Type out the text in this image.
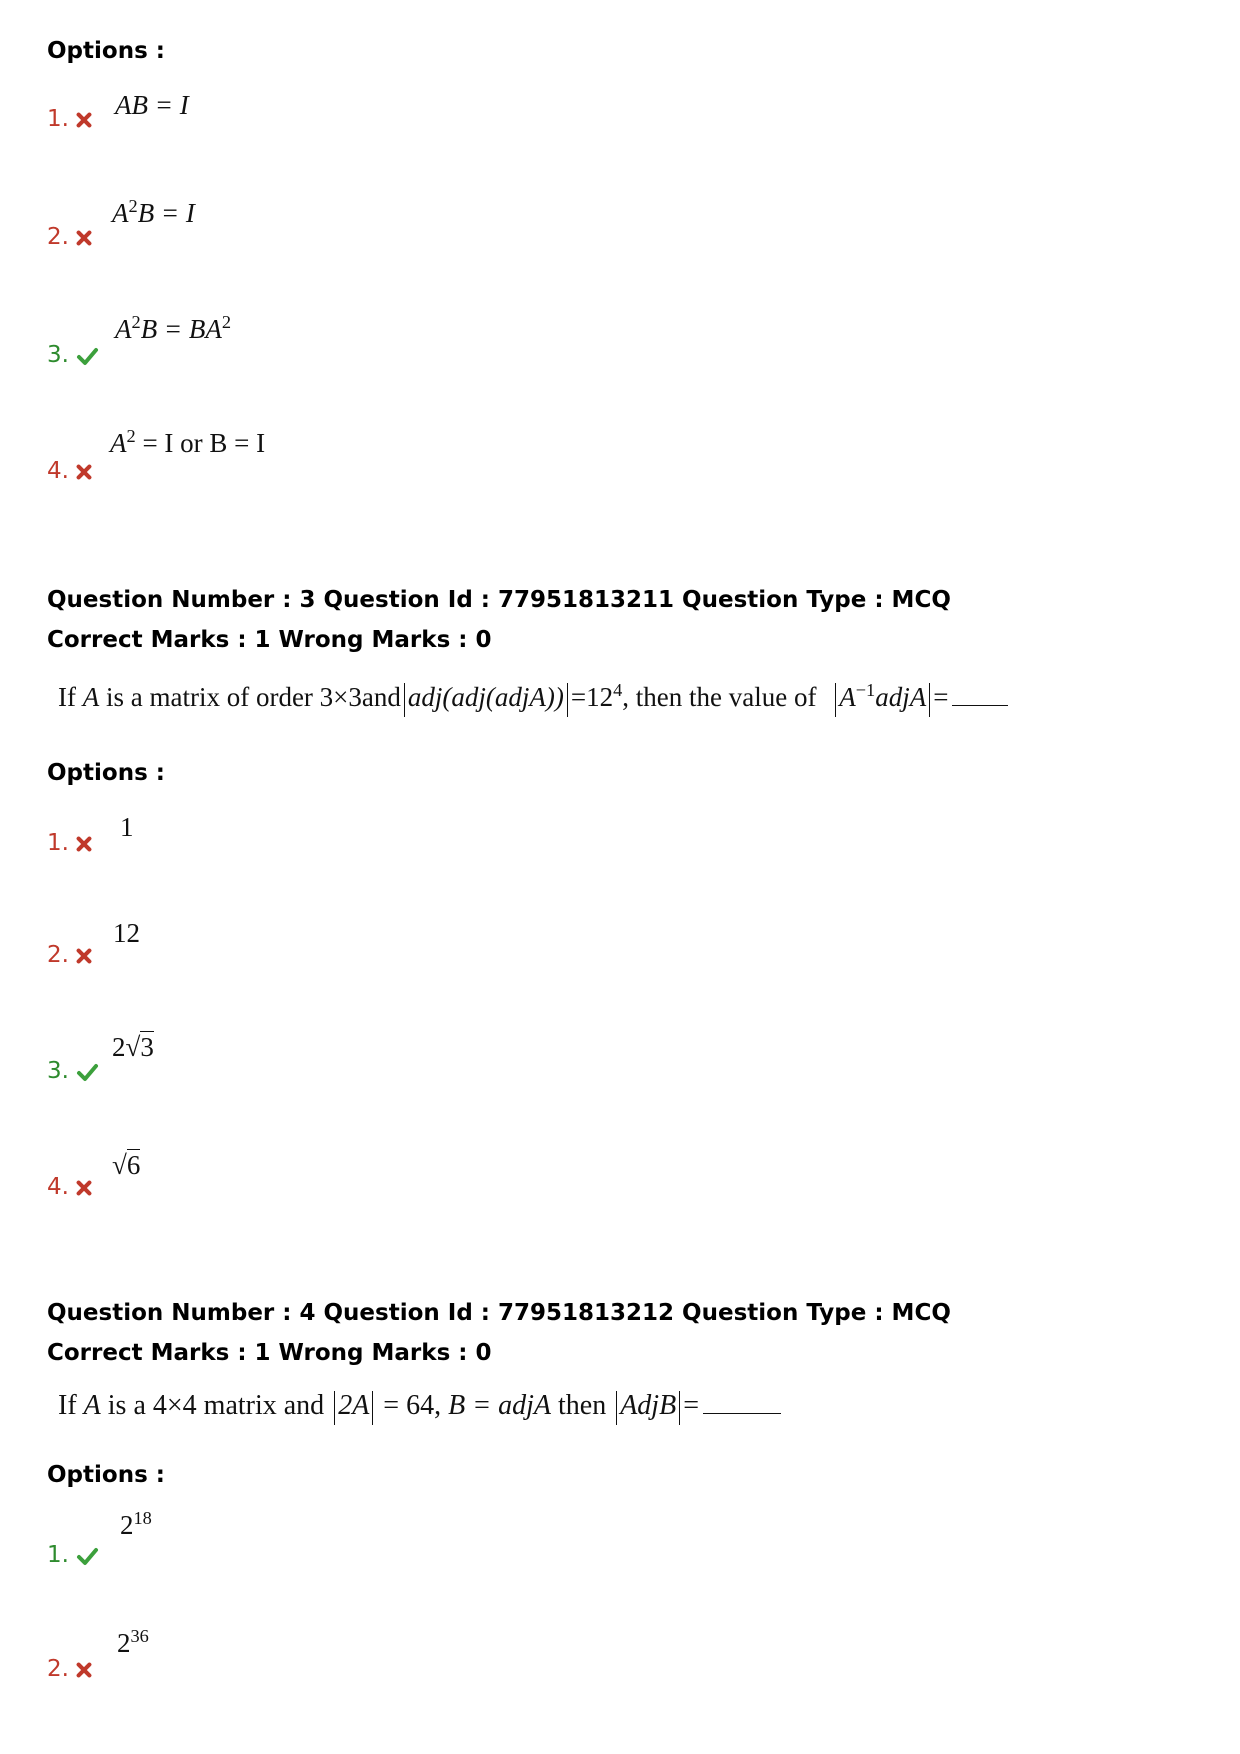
Options :
1.	AB = I
2.
$A^2B = I$
3.
$A^2B = BA^2$
4.
$A^2 = I$ or B = I
Question Number : 3 Question Id : 77951813211 Question Type : MCQ
Correct Marks : 1 Wrong Marks : 0
If A is a matrix of order 3×3and adj(adj(adjA)) $=12^4$, then the value of $A^{-1}adjA$ =
Options :
1.
1
2.
12
3.
2√3
4.
√6
Question Number : 4 Question Id : 77951813212 Question Type : MCQ
Correct Marks : 1 Wrong Marks : 0
If A is a 4×4 matrix and 2A = 64, B = adjA then AdjB =
Options :
1.
$2^{18}$
2.
$2^{36}$
